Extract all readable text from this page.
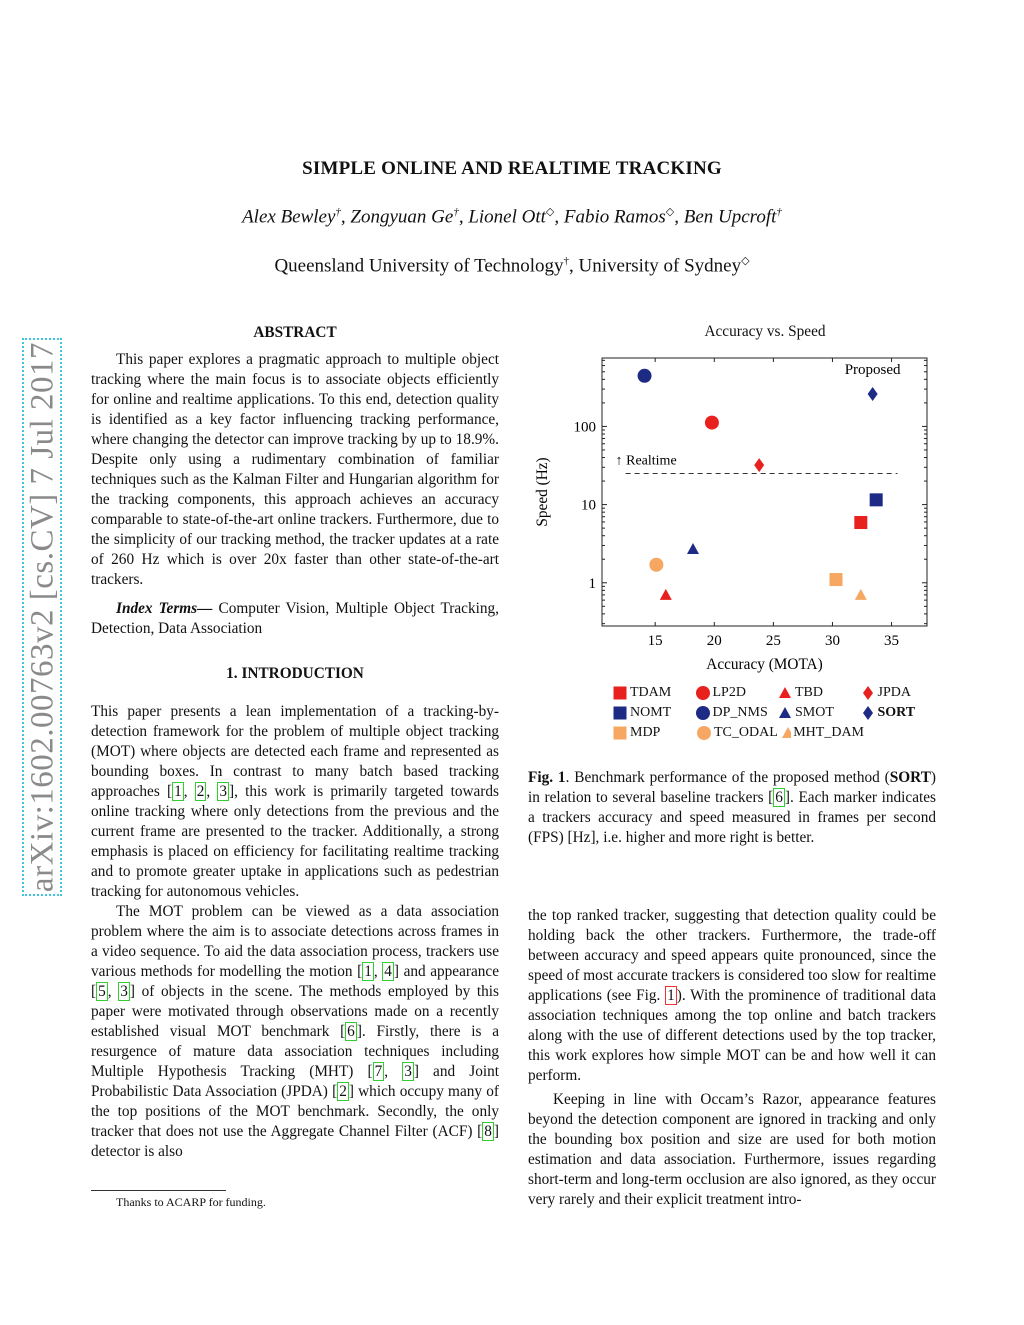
arXiv:1602.00763v2 [cs.CV] 7 Jul 2017
SIMPLE ONLINE AND REALTIME TRACKING
Alex Bewley†, Zongyuan Ge†, Lionel Ott◇, Fabio Ramos◇, Ben Upcroft†
Queensland University of Technology†, University of Sydney◇
ABSTRACT

This paper explores a pragmatic approach to multiple object tracking where the main focus is to associate objects efficiently for online and realtime applications. To this end, detection quality is identified as a key factor influencing tracking performance, where changing the detector can improve tracking by up to 18.9%. Despite only using a rudimentary combination of familiar techniques such as the Kalman Filter and Hungarian algorithm for the tracking components, this approach achieves an accuracy comparable to state-of-the-art online trackers. Furthermore, due to the simplicity of our tracking method, the tracker updates at a rate of 260 Hz which is over 20x faster than other state-of-the-art trackers.

Index Terms— Computer Vision, Multiple Object Tracking, Detection, Data Association

1. INTRODUCTION

This paper presents a lean implementation of a tracking-by-detection framework for the problem of multiple object tracking (MOT) where objects are detected each frame and represented as bounding boxes. In contrast to many batch based tracking approaches [ 1 , 2 , 3 ], this work is primarily targeted towards online tracking where only detections from the previous and the current frame are presented to the tracker. Additionally, a strong emphasis is placed on efficiency for facilitating realtime tracking and to promote greater uptake in applications such as pedestrian tracking for autonomous vehicles.

The MOT problem can be viewed as a data association problem where the aim is to associate detections across frames in a video sequence. To aid the data association process, trackers use various methods for modelling the motion [ 1 , 4 ] and appearance [ 5 , 3 ] of objects in the scene. The methods employed by this paper were motivated through observations made on a recently established visual MOT benchmark [ 6 ]. Firstly, there is a resurgence of mature data association techniques including Multiple Hypothesis Tracking (MHT) [ 7 , 3 ] and Joint Probabilistic Data Association (JPDA) [ 2 ] which occupy many of the top positions of the MOT benchmark. Secondly, the only tracker that does not use the Aggregate Channel Filter (ACF) [ 8 ] detector is also

Thanks to ACARP for funding.
Accuracy vs. Speed
15	20	25	30	35
1
10
100
Accuracy (MOTA)
Speed (Hz)	↑ Realtime
Proposed
TDAM	LP2D	TBD	JPDA
NOMT	DP_NMS SMOT	SORT
MDP	TC_ODAL MHT_DAM
Fig. 1. Benchmark performance of the proposed method (SORT) in relation to several baseline trackers [ 6 ]. Each marker indicates a trackers accuracy and speed measured in frames per second (FPS) [Hz], i.e. higher and more right is better.

the top ranked tracker, suggesting that detection quality could be holding back the other trackers. Furthermore, the trade-off between accuracy and speed appears quite pronounced, since the speed of most accurate trackers is considered too slow for realtime applications (see Fig. 1 ). With the prominence of traditional data association techniques among the top online and batch trackers along with the use of different detections used by the top tracker, this work explores how simple MOT can be and how well it can perform.

Keeping in line with Occam’s Razor, appearance features beyond the detection component are ignored in tracking and only the bounding box position and size are used for both motion estimation and data association. Furthermore, issues regarding short-term and long-term occlusion are also ignored, as they occur very rarely and their explicit treatment intro-
